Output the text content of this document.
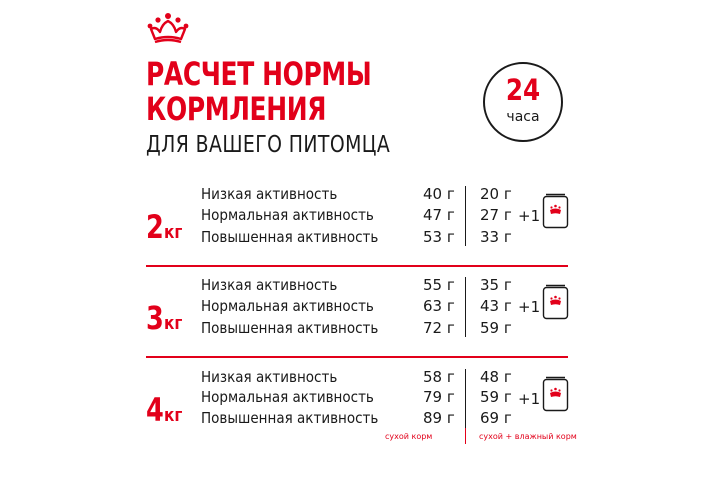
РАСЧЕТ НОРМЫ
КОРМЛЕНИЯ
ДЛЯ ВАШЕГО ПИТОМЦА
24
часа
2кг
Низкая активность	40 г 20 г
Нормальная активность	47 г 27 г
Повышенная активность	53 г 33 г
+1
3кг
Низкая активность	55 г 35 г
Нормальная активность	63 г 43 г
Повышенная активность	72 г 59 г
+1
4кг
Низкая активность	58 г 48 г
Нормальная активность	79 г 59 г
Повышенная активность	89 г 69 г
+1
сухой корм	сухой + влажный корм
